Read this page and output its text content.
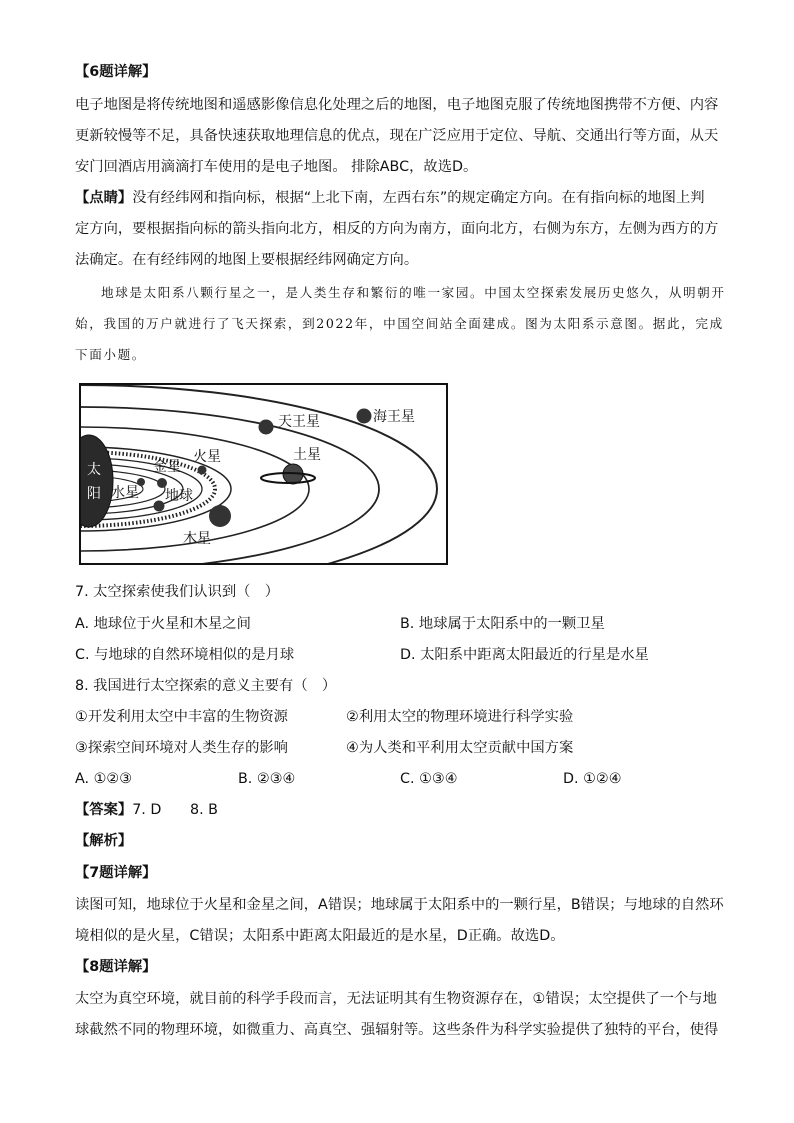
【6题详解】
电子地图是将传统地图和遥感影像信息化处理之后的地图，电子地图克服了传统地图携带不方便、内容
更新较慢等不足，具备快速获取地理信息的优点，现在广泛应用于定位、导航、交通出行等方面，从天
安门回酒店用滴滴打车使用的是电子地图。 排除ABC，故选D。
【点睛】没有经纬网和指向标，根据“上北下南，左西右东”的规定确定方向。在有指向标的地图上判
定方向，要根据指向标的箭头指向北方，相反的方向为南方，面向北方，右侧为东方，左侧为西方的方
法确定。在有经纬网的地图上要根据经纬网确定方向。
地球是太阳系八颗行星之一，是人类生存和繁衍的唯一家园。中国太空探索发展历史悠久，从明朝开
始，我国的万户就进行了飞天探索，到2022年，中国空间站全面建成。图为太阳系示意图。据此，完成
下面小题。
太
阳 水星
金星
地球
火星
木星
土星
天王星	海王星
7. 太空探索使我们认识到（　）
A. 地球位于火星和木星之间	B. 地球属于太阳系中的一颗卫星
C. 与地球的自然环境相似的是月球	D. 太阳系中距离太阳最近的行星是水星
8. 我国进行太空探索的意义主要有（　）
①开发利用太空中丰富的生物资源	②利用太空的物理环境进行科学实验
③探索空间环境对人类生存的影响	④为人类和平利用太空贡献中国方案
A. ①②③	B. ②③④	C. ①③④	D. ①②④
【答案】7. D　　8. B
【解析】
【7题详解】
读图可知，地球位于火星和金星之间，A错误；地球属于太阳系中的一颗行星，B错误；与地球的自然环
境相似的是火星，C错误；太阳系中距离太阳最近的是水星，D正确。故选D。
【8题详解】
太空为真空环境，就目前的科学手段而言，无法证明其有生物资源存在，①错误；太空提供了一个与地
球截然不同的物理环境，如微重力、高真空、强辐射等。这些条件为科学实验提供了独特的平台，使得
